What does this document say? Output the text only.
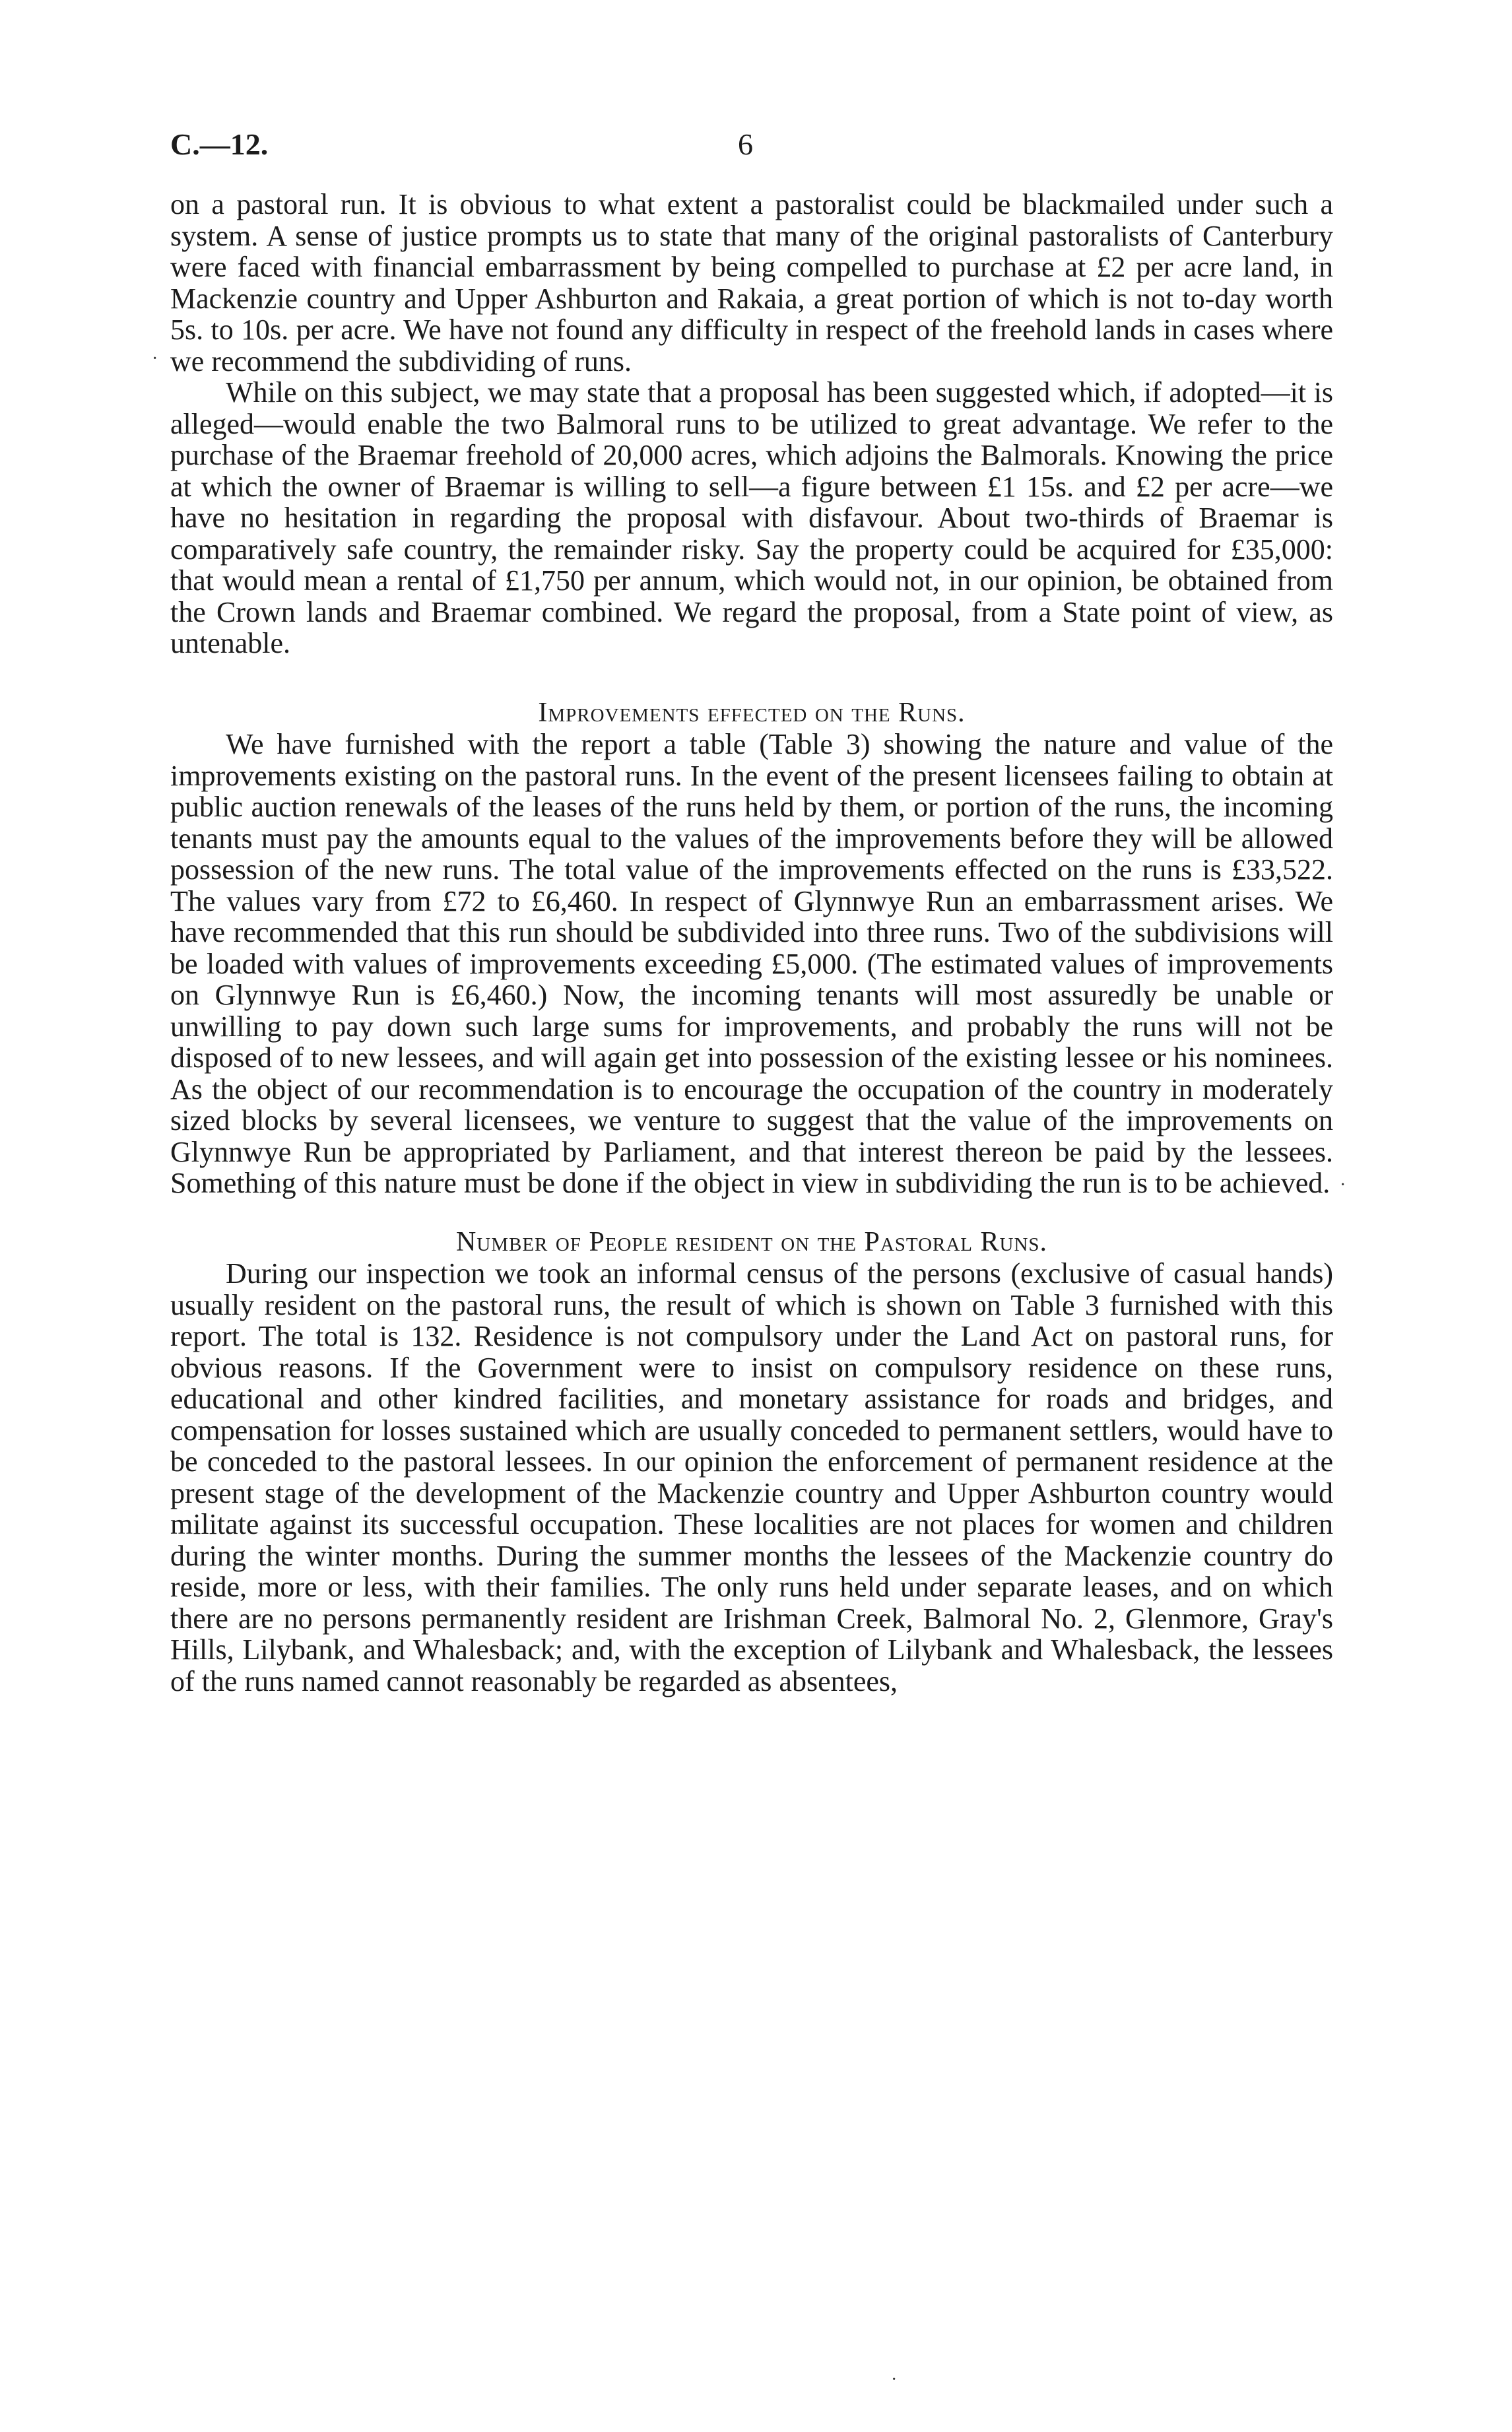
C.—12.	6

on a pastoral run. It is obvious to what extent a pastoralist could be blackmailed under such a system. A sense of justice prompts us to state that many of the original pastoralists of Canterbury were faced with financial embarrassment by being compelled to purchase at £2 per acre land, in Mackenzie country and Upper Ashburton and Rakaia, a great portion of which is not to-day worth 5s. to 10s. per acre. We have not found any difficulty in respect of the freehold lands in cases where we recommend the subdividing of runs.

While on this subject, we may state that a proposal has been suggested which, if adopted—it is alleged—would enable the two Balmoral runs to be utilized to great advantage. We refer to the purchase of the Braemar freehold of 20,000 acres, which adjoins the Balmorals. Knowing the price at which the owner of Braemar is willing to sell—a figure between £1 15s. and £2 per acre—we have no hesitation in regarding the proposal with disfavour. About two-thirds of Braemar is comparatively safe country, the remainder risky. Say the property could be acquired for £35,000: that would mean a rental of £1,750 per annum, which would not, in our opinion, be obtained from the Crown lands and Braemar combined. We regard the proposal, from a State point of view, as untenable.

Improvements effected on the Runs.

We have furnished with the report a table (Table 3) showing the nature and value of the improvements existing on the pastoral runs. In the event of the present licensees failing to obtain at public auction renewals of the leases of the runs held by them, or portion of the runs, the incoming tenants must pay the amounts equal to the values of the improvements before they will be allowed possession of the new runs. The total value of the improvements effected on the runs is £33,522. The values vary from £72 to £6,460. In respect of Glynnwye Run an embarrassment arises. We have recommended that this run should be subdivided into three runs. Two of the subdivisions will be loaded with values of improvements exceeding £5,000. (The estimated values of improvements on Glynnwye Run is £6,460.) Now, the incoming tenants will most assuredly be unable or unwilling to pay down such large sums for improvements, and probably the runs will not be disposed of to new lessees, and will again get into possession of the existing lessee or his nominees. As the object of our recommendation is to encourage the occupation of the country in moderately sized blocks by several licensees, we venture to suggest that the value of the improvements on Glynnwye Run be appropriated by Parliament, and that interest thereon be paid by the lessees. Something of this nature must be done if the object in view in subdividing the run is to be achieved.

Number of People resident on the Pastoral Runs.

During our inspection we took an informal census of the persons (exclusive of casual hands) usually resident on the pastoral runs, the result of which is shown on Table 3 furnished with this report. The total is 132. Residence is not compulsory under the Land Act on pastoral runs, for obvious reasons. If the Government were to insist on compulsory residence on these runs, educational and other kindred facilities, and monetary assistance for roads and bridges, and compensation for losses sustained which are usually conceded to permanent settlers, would have to be conceded to the pastoral lessees. In our opinion the enforcement of permanent residence at the present stage of the development of the Mackenzie country and Upper Ashburton country would militate against its successful occupation. These localities are not places for women and children during the winter months. During the summer months the lessees of the Mackenzie country do reside, more or less, with their families. The only runs held under separate leases, and on which there are no persons permanently resident are Irishman Creek, Balmoral No. 2, Glenmore, Gray's Hills, Lilybank, and Whalesback; and, with the exception of Lilybank and Whalesback, the lessees of the runs named cannot reasonably be regarded as absentees,

·
·
·
